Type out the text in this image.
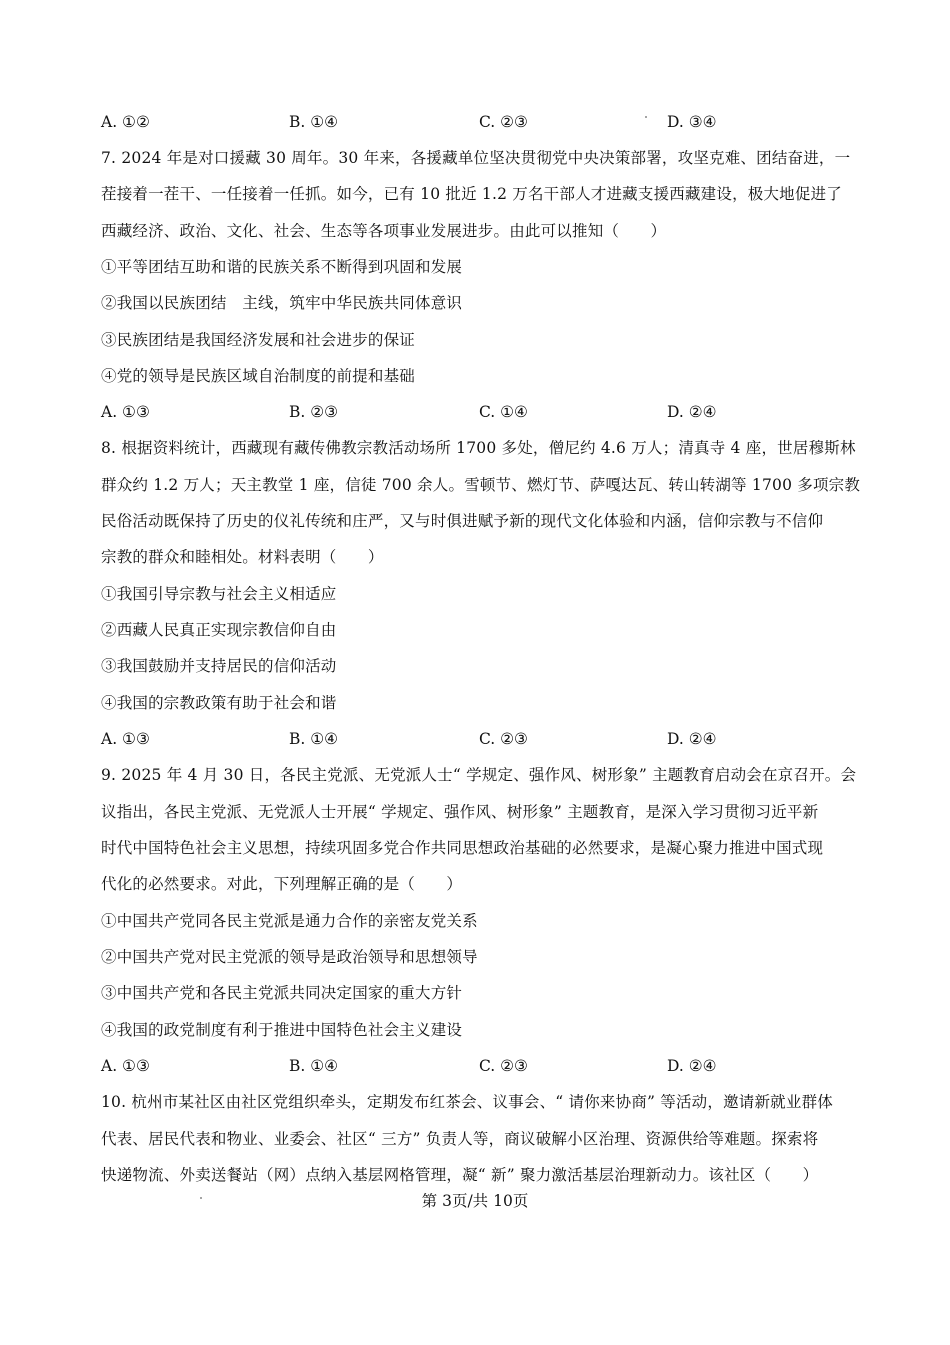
A. ①②	B. ①④	C. ②③	D. ③④
7. 2024 年是对口援藏 30 周年。30 年来，各援藏单位坚决贯彻党中央决策部署，攻坚克难、团结奋进，一
茬接着一茬干、一任接着一任抓。如今，已有 10 批近 1.2 万名干部人才进藏支援西藏建设，极大地促进了
西藏经济、政治、文化、社会、生态等各项事业发展进步。由此可以推知（　　）
①平等团结互助和谐的民族关系不断得到巩固和发展
②我国以民族团结　主线，筑牢中华民族共同体意识
③民族团结是我国经济发展和社会进步的保证
④党的领导是民族区域自治制度的前提和基础
A. ①③	B. ②③	C. ①④	D. ②④
8. 根据资料统计，西藏现有藏传佛教宗教活动场所 1700 多处，僧尼约 4.6 万人；清真寺 4 座，世居穆斯林
群众约 1.2 万人；天主教堂 1 座，信徒 700 余人。雪顿节、燃灯节、萨嘎达瓦、转山转湖等 1700 多项宗教
民俗活动既保持了历史的仪礼传统和庄严，又与时俱进赋予新的现代文化体验和内涵，信仰宗教与不信仰
宗教的群众和睦相处。材料表明（　　）
①我国引导宗教与社会主义相适应
②西藏人民真正实现宗教信仰自由
③我国鼓励并支持居民的信仰活动
④我国的宗教政策有助于社会和谐
A. ①③	B. ①④	C. ②③	D. ②④
9. 2025 年 4 月 30 日，各民主党派、无党派人士“ 学规定、强作风、树形象” 主题教育启动会在京召开。会
议指出，各民主党派、无党派人士开展“ 学规定、强作风、树形象” 主题教育，是深入学习贯彻习近平新
时代中国特色社会主义思想，持续巩固多党合作共同思想政治基础的必然要求，是凝心聚力推进中国式现
代化的必然要求。对此，下列理解正确的是（　　）
①中国共产党同各民主党派是通力合作的亲密友党关系
②中国共产党对民主党派的领导是政治领导和思想领导
③中国共产党和各民主党派共同决定国家的重大方针
④我国的政党制度有利于推进中国特色社会主义建设
A. ①③	B. ①④	C. ②③	D. ②④
10. 杭州市某社区由社区党组织牵头，定期发布红茶会、议事会、“ 请你来协商” 等活动，邀请新就业群体
代表、居民代表和物业、业委会、社区“ 三方” 负责人等，商议破解小区治理、资源供给等难题。探索将
快递物流、外卖送餐站（网）点纳入基层网格管理，凝“ 新” 聚力激活基层治理新动力。该社区（　　）
第 3页/共 10页
